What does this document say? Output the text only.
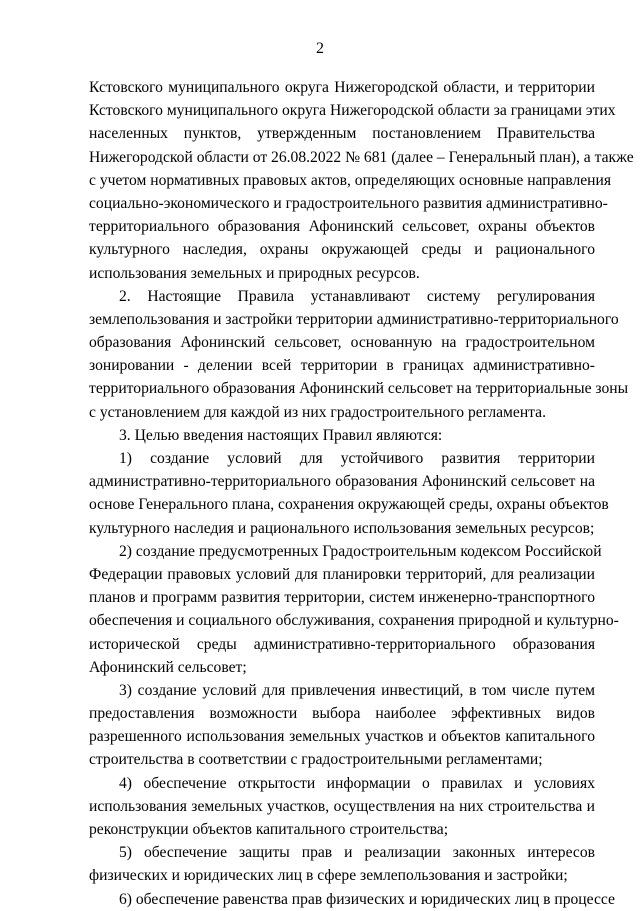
2
Кстовского муниципального округа Нижегородской области, и территории
Кстовского муниципального округа Нижегородской области за границами этих
населенных пунктов, утвержденным постановлением Правительства
Нижегородской области от 26.08.2022 № 681 (далее – Генеральный план), а также
с учетом нормативных правовых актов, определяющих основные направления
социально-экономического и градостроительного развития административно-
территориального образования Афонинский сельсовет, охраны объектов
культурного наследия, охраны окружающей среды и рационального
использования земельных и природных ресурсов.
2. Настоящие Правила устанавливают систему регулирования
землепользования и застройки территории административно-территориального
образования Афонинский сельсовет, основанную на градостроительном
зонировании - делении всей территории в границах административно-
территориального образования Афонинский сельсовет на территориальные зоны
с установлением для каждой из них градостроительного регламента.
3. Целью введения настоящих Правил являются:
1) создание условий для устойчивого развития территории
административно-территориального образования Афонинский сельсовет на
основе Генерального плана, сохранения окружающей среды, охраны объектов
культурного наследия и рационального использования земельных ресурсов;
2) создание предусмотренных Градостроительным кодексом Российской
Федерации правовых условий для планировки территорий, для реализации
планов и программ развития территории, систем инженерно-транспортного
обеспечения и социального обслуживания, сохранения природной и культурно-
исторической среды административно-территориального образования
Афонинский сельсовет;
3) создание условий для привлечения инвестиций, в том числе путем
предоставления возможности выбора наиболее эффективных видов
разрешенного использования земельных участков и объектов капитального
строительства в соответствии с градостроительными регламентами;
4) обеспечение открытости информации о правилах и условиях
использования земельных участков, осуществления на них строительства и
реконструкции объектов капитального строительства;
5) обеспечение защиты прав и реализации законных интересов
физических и юридических лиц в сфере землепользования и застройки;
6) обеспечение равенства прав физических и юридических лиц в процессе
